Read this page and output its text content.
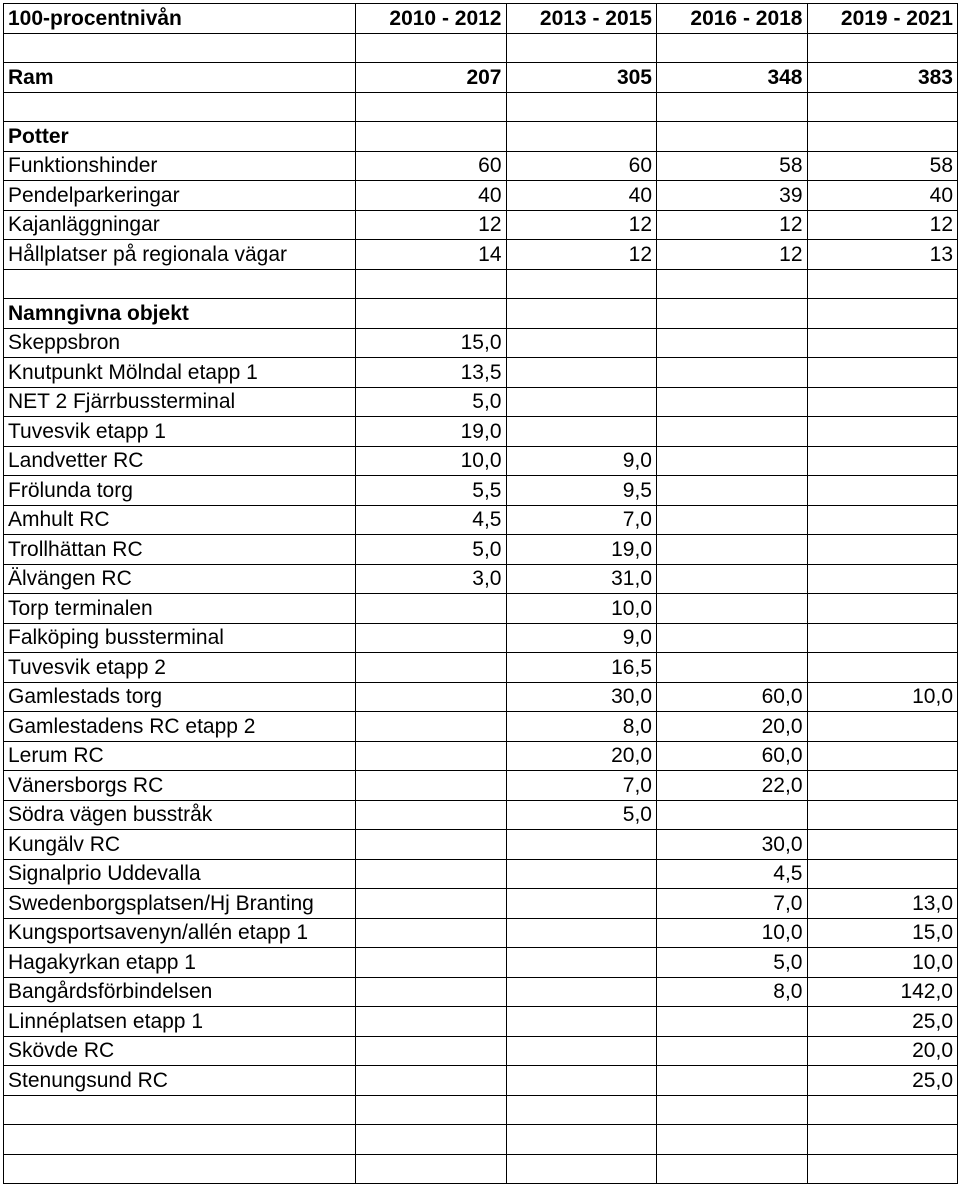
100-procentnivån	2010 - 2012	2013 - 2015	2016 - 2018	2019 - 2021

Ram	207	305	348	383

Potter				
Funktionshinder	60	60	58	58
Pendelparkeringar	40	40	39	40
Kajanläggningar	12	12	12	12
Hållplatser på regionala vägar	14	12	12	13

Namngivna objekt				
Skeppsbron	15,0			
Knutpunkt Mölndal etapp 1	13,5			
NET 2 Fjärrbussterminal	5,0			
Tuvesvik etapp 1	19,0			
Landvetter RC	10,0	9,0		
Frölunda torg	5,5	9,5		
Amhult RC	4,5	7,0		
Trollhättan RC	5,0	19,0		
Älvängen RC	3,0	31,0		
Torp terminalen		10,0		
Falköping bussterminal		9,0		
Tuvesvik etapp 2		16,5		
Gamlestads torg		30,0	60,0	10,0
Gamlestadens RC etapp 2		8,0	20,0	
Lerum RC		20,0	60,0	
Vänersborgs RC		7,0	22,0	
Södra vägen busstråk		5,0		
Kungälv RC			30,0	
Signalprio Uddevalla			4,5	
Swedenborgsplatsen/Hj Branting			7,0	13,0
Kungsportsavenyn/allén etapp 1			10,0	15,0
Hagakyrkan etapp 1			5,0	10,0
Bangårdsförbindelsen			8,0	142,0
Linnéplatsen etapp 1				25,0
Skövde RC				20,0
Stenungsund RC				25,0
